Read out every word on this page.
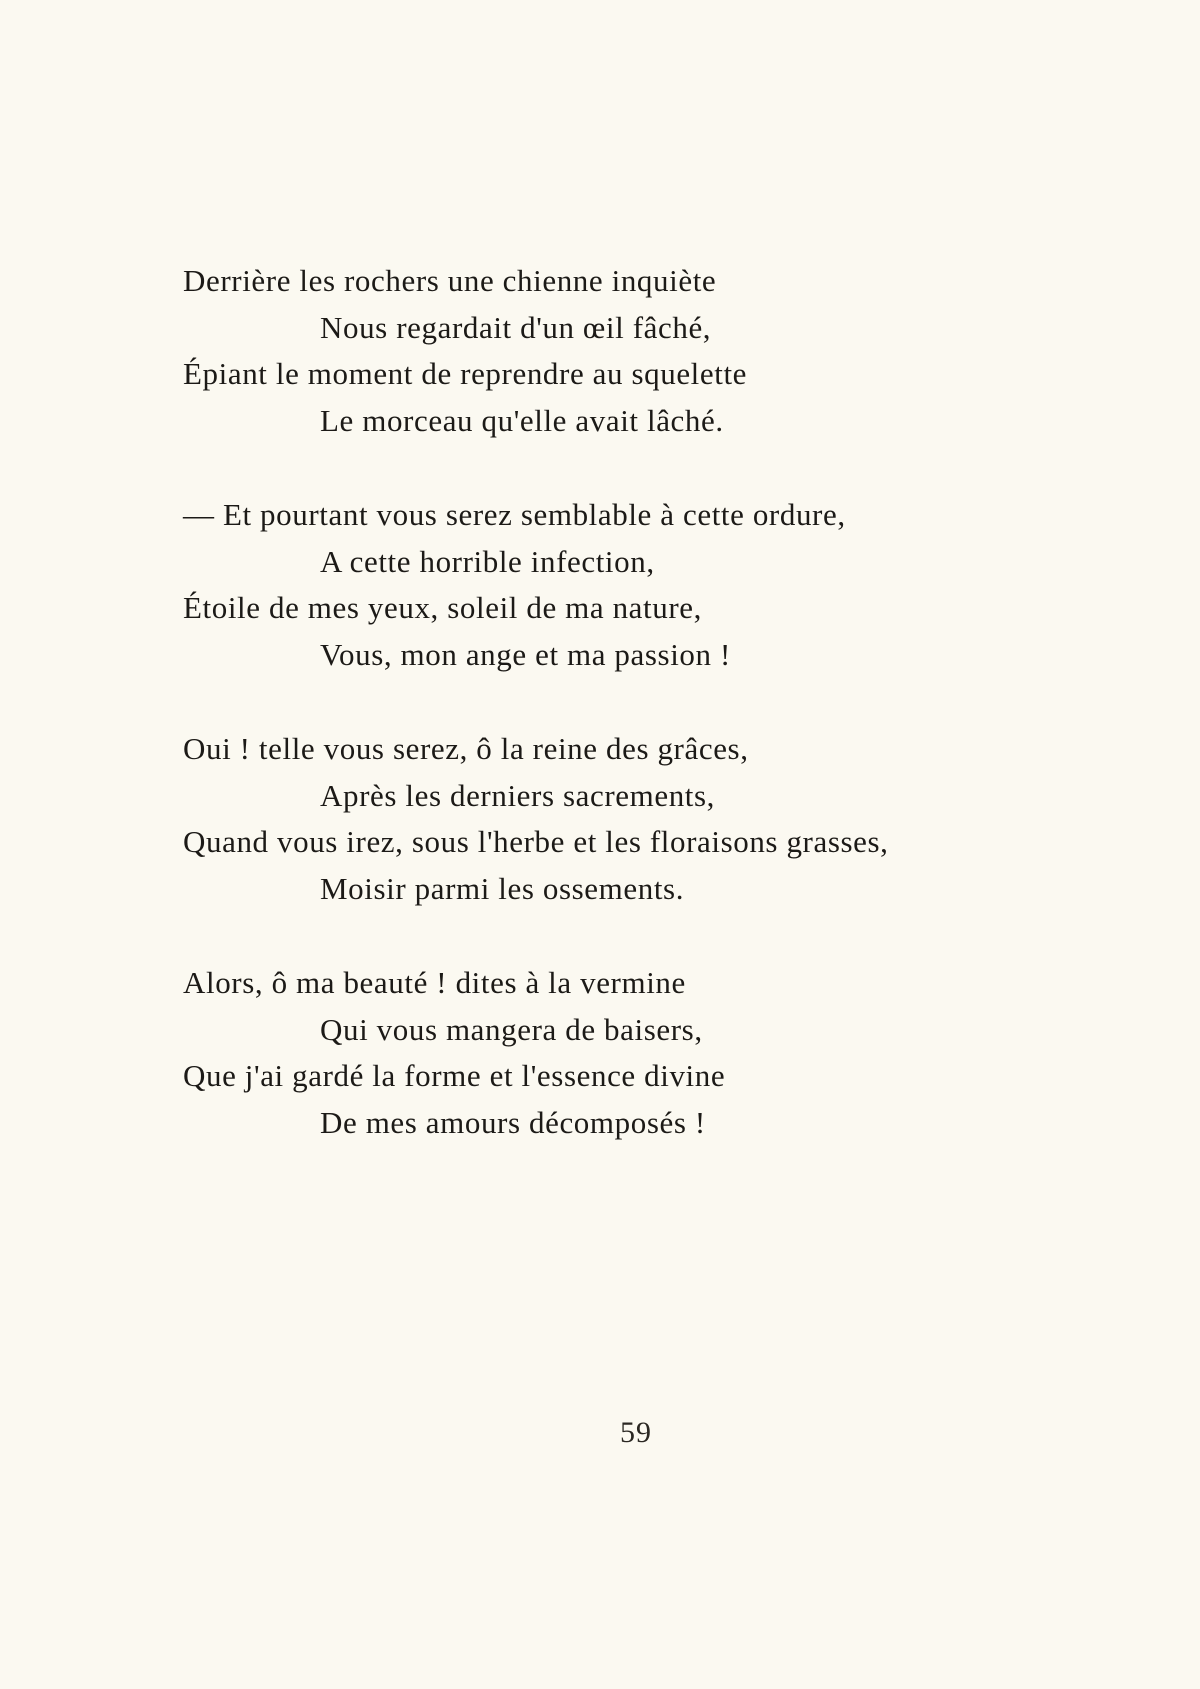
Derrière les rochers une chienne inquiète
Nous regardait d'un œil fâché,
Épiant le moment de reprendre au squelette
Le morceau qu'elle avait lâché.
— Et pourtant vous serez semblable à cette ordure,
A cette horrible infection,
Étoile de mes yeux, soleil de ma nature,
Vous, mon ange et ma passion !
Oui ! telle vous serez, ô la reine des grâces,
Après les derniers sacrements,
Quand vous irez, sous l'herbe et les floraisons grasses,
Moisir parmi les ossements.
Alors, ô ma beauté ! dites à la vermine
Qui vous mangera de baisers,
Que j'ai gardé la forme et l'essence divine
De mes amours décomposés !
59
